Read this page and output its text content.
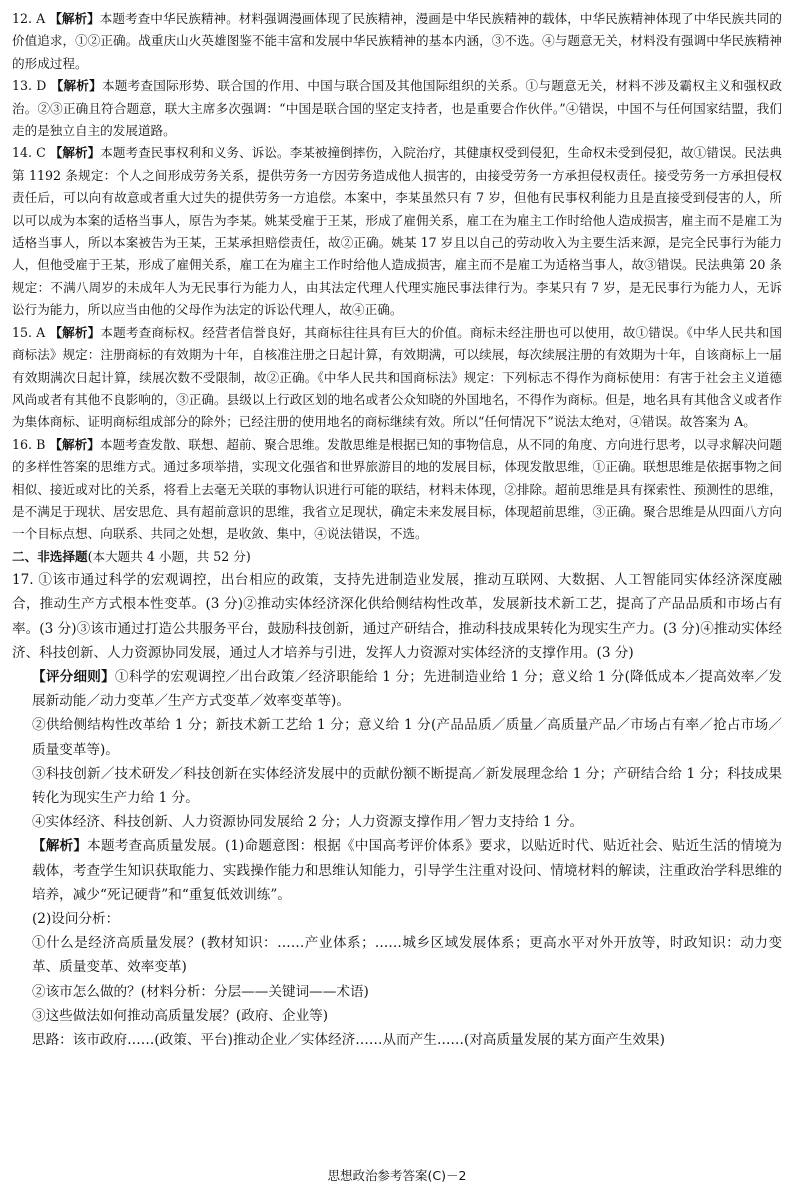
12. A 【解析】本题考查中华民族精神。材料强调漫画体现了民族精神，漫画是中华民族精神的载体，中华民族精神体现了中华民族共同的价值追求，①②正确。战重庆山火英雄图鉴不能丰富和发展中华民族精神的基本内涵，③不选。④与题意无关，材料没有强调中华民族精神的形成过程。

13. D 【解析】本题考查国际形势、联合国的作用、中国与联合国及其他国际组织的关系。①与题意无关，材料不涉及霸权主义和强权政治。②③正确且符合题意，联大主席多次强调：“中国是联合国的坚定支持者，也是重要合作伙伴。”④错误，中国不与任何国家结盟，我们走的是独立自主的发展道路。

14. C 【解析】本题考查民事权利和义务、诉讼。李某被撞倒摔伤，入院治疗，其健康权受到侵犯，生命权未受到侵犯，故①错误。民法典第 1192 条规定：个人之间形成劳务关系，提供劳务一方因劳务造成他人损害的，由接受劳务一方承担侵权责任。接受劳务一方承担侵权责任后，可以向有故意或者重大过失的提供劳务一方追偿。本案中，李某虽然只有 7 岁，但他有民事权利能力且是直接受到侵害的人，所以可以成为本案的适格当事人，原告为李某。姚某受雇于王某，形成了雇佣关系，雇工在为雇主工作时给他人造成损害，雇主而不是雇工为适格当事人，所以本案被告为王某，王某承担赔偿责任，故②正确。姚某 17 岁且以自己的劳动收入为主要生活来源，是完全民事行为能力人，但他受雇于王某，形成了雇佣关系，雇工在为雇主工作时给他人造成损害，雇主而不是雇工为适格当事人，故③错误。民法典第 20 条规定：不满八周岁的未成年人为无民事行为能力人，由其法定代理人代理实施民事法律行为。李某只有 7 岁，是无民事行为能力人，无诉讼行为能力，所以应当由他的父母作为法定的诉讼代理人，故④正确。

15. A 【解析】本题考查商标权。经营者信誉良好，其商标往往具有巨大的价值。商标未经注册也可以使用，故①错误。《中华人民共和国商标法》规定：注册商标的有效期为十年，自核准注册之日起计算，有效期满，可以续展，每次续展注册的有效期为十年，自该商标上一届有效期满次日起计算，续展次数不受限制，故②正确。《中华人民共和国商标法》规定：下列标志不得作为商标使用：有害于社会主义道德风尚或者有其他不良影响的，③正确。县级以上行政区划的地名或者公众知晓的外国地名，不得作为商标。但是，地名具有其他含义或者作为集体商标、证明商标组成部分的除外；已经注册的使用地名的商标继续有效。所以“任何情况下”说法太绝对，④错误。故答案为 A。

16. B 【解析】本题考查发散、联想、超前、聚合思维。发散思维是根据已知的事物信息，从不同的角度、方向进行思考，以寻求解决问题的多样性答案的思维方式。通过多项举措，实现文化强省和世界旅游目的地的发展目标，体现发散思维，①正确。联想思维是依据事物之间相似、接近或对比的关系，将看上去毫无关联的事物认识进行可能的联结，材料未体现，②排除。超前思维是具有探索性、预测性的思维，是不满足于现状、居安思危、具有超前意识的思维，我省立足现状，确定未来发展目标，体现超前思维，③正确。聚合思维是从四面八方向一个目标点想、向联系、共同之处想，是收敛、集中，④说法错误，不选。

二、非选择题(本大题共 4 小题，共 52 分)

17. ①该市通过科学的宏观调控，出台相应的政策，支持先进制造业发展，推动互联网、大数据、人工智能同实体经济深度融合，推动生产方式根本性变革。(3 分)②推动实体经济深化供给侧结构性改革，发展新技术新工艺，提高了产品品质和市场占有率。(3 分)③该市通过打造公共服务平台，鼓励科技创新，通过产研结合，推动科技成果转化为现实生产力。(3 分)④推动实体经济、科技创新、人力资源协同发展，通过人才培养与引进，发挥人力资源对实体经济的支撑作用。(3 分)

【评分细则】①科学的宏观调控／出台政策／经济职能给 1 分；先进制造业给 1 分；意义给 1 分(降低成本／提高效率／发展新动能／动力变革／生产方式变革／效率变革等)。

②供给侧结构性改革给 1 分；新技术新工艺给 1 分；意义给 1 分(产品品质／质量／高质量产品／市场占有率／抢占市场／质量变革等)。

③科技创新／技术研发／科技创新在实体经济发展中的贡献份额不断提高／新发展理念给 1 分；产研结合给 1 分；科技成果转化为现实生产力给 1 分。

④实体经济、科技创新、人力资源协同发展给 2 分；人力资源支撑作用／智力支持给 1 分。

【解析】本题考查高质量发展。(1)命题意图：根据《中国高考评价体系》要求，以贴近时代、贴近社会、贴近生活的情境为载体，考查学生知识获取能力、实践操作能力和思维认知能力，引导学生注重对设问、情境材料的解读，注重政治学科思维的培养，减少“死记硬背”和“重复低效训练”。

(2)设问分析：

①什么是经济高质量发展？(教材知识：……产业体系；……城乡区域发展体系；更高水平对外开放等，时政知识：动力变革、质量变革、效率变革)

②该市怎么做的？(材料分析：分层——关键词——术语)

③这些做法如何推动高质量发展？(政府、企业等)

思路：该市政府……(政策、平台)推动企业／实体经济……从而产生……(对高质量发展的某方面产生效果)

思想政治参考答案(C)－2
